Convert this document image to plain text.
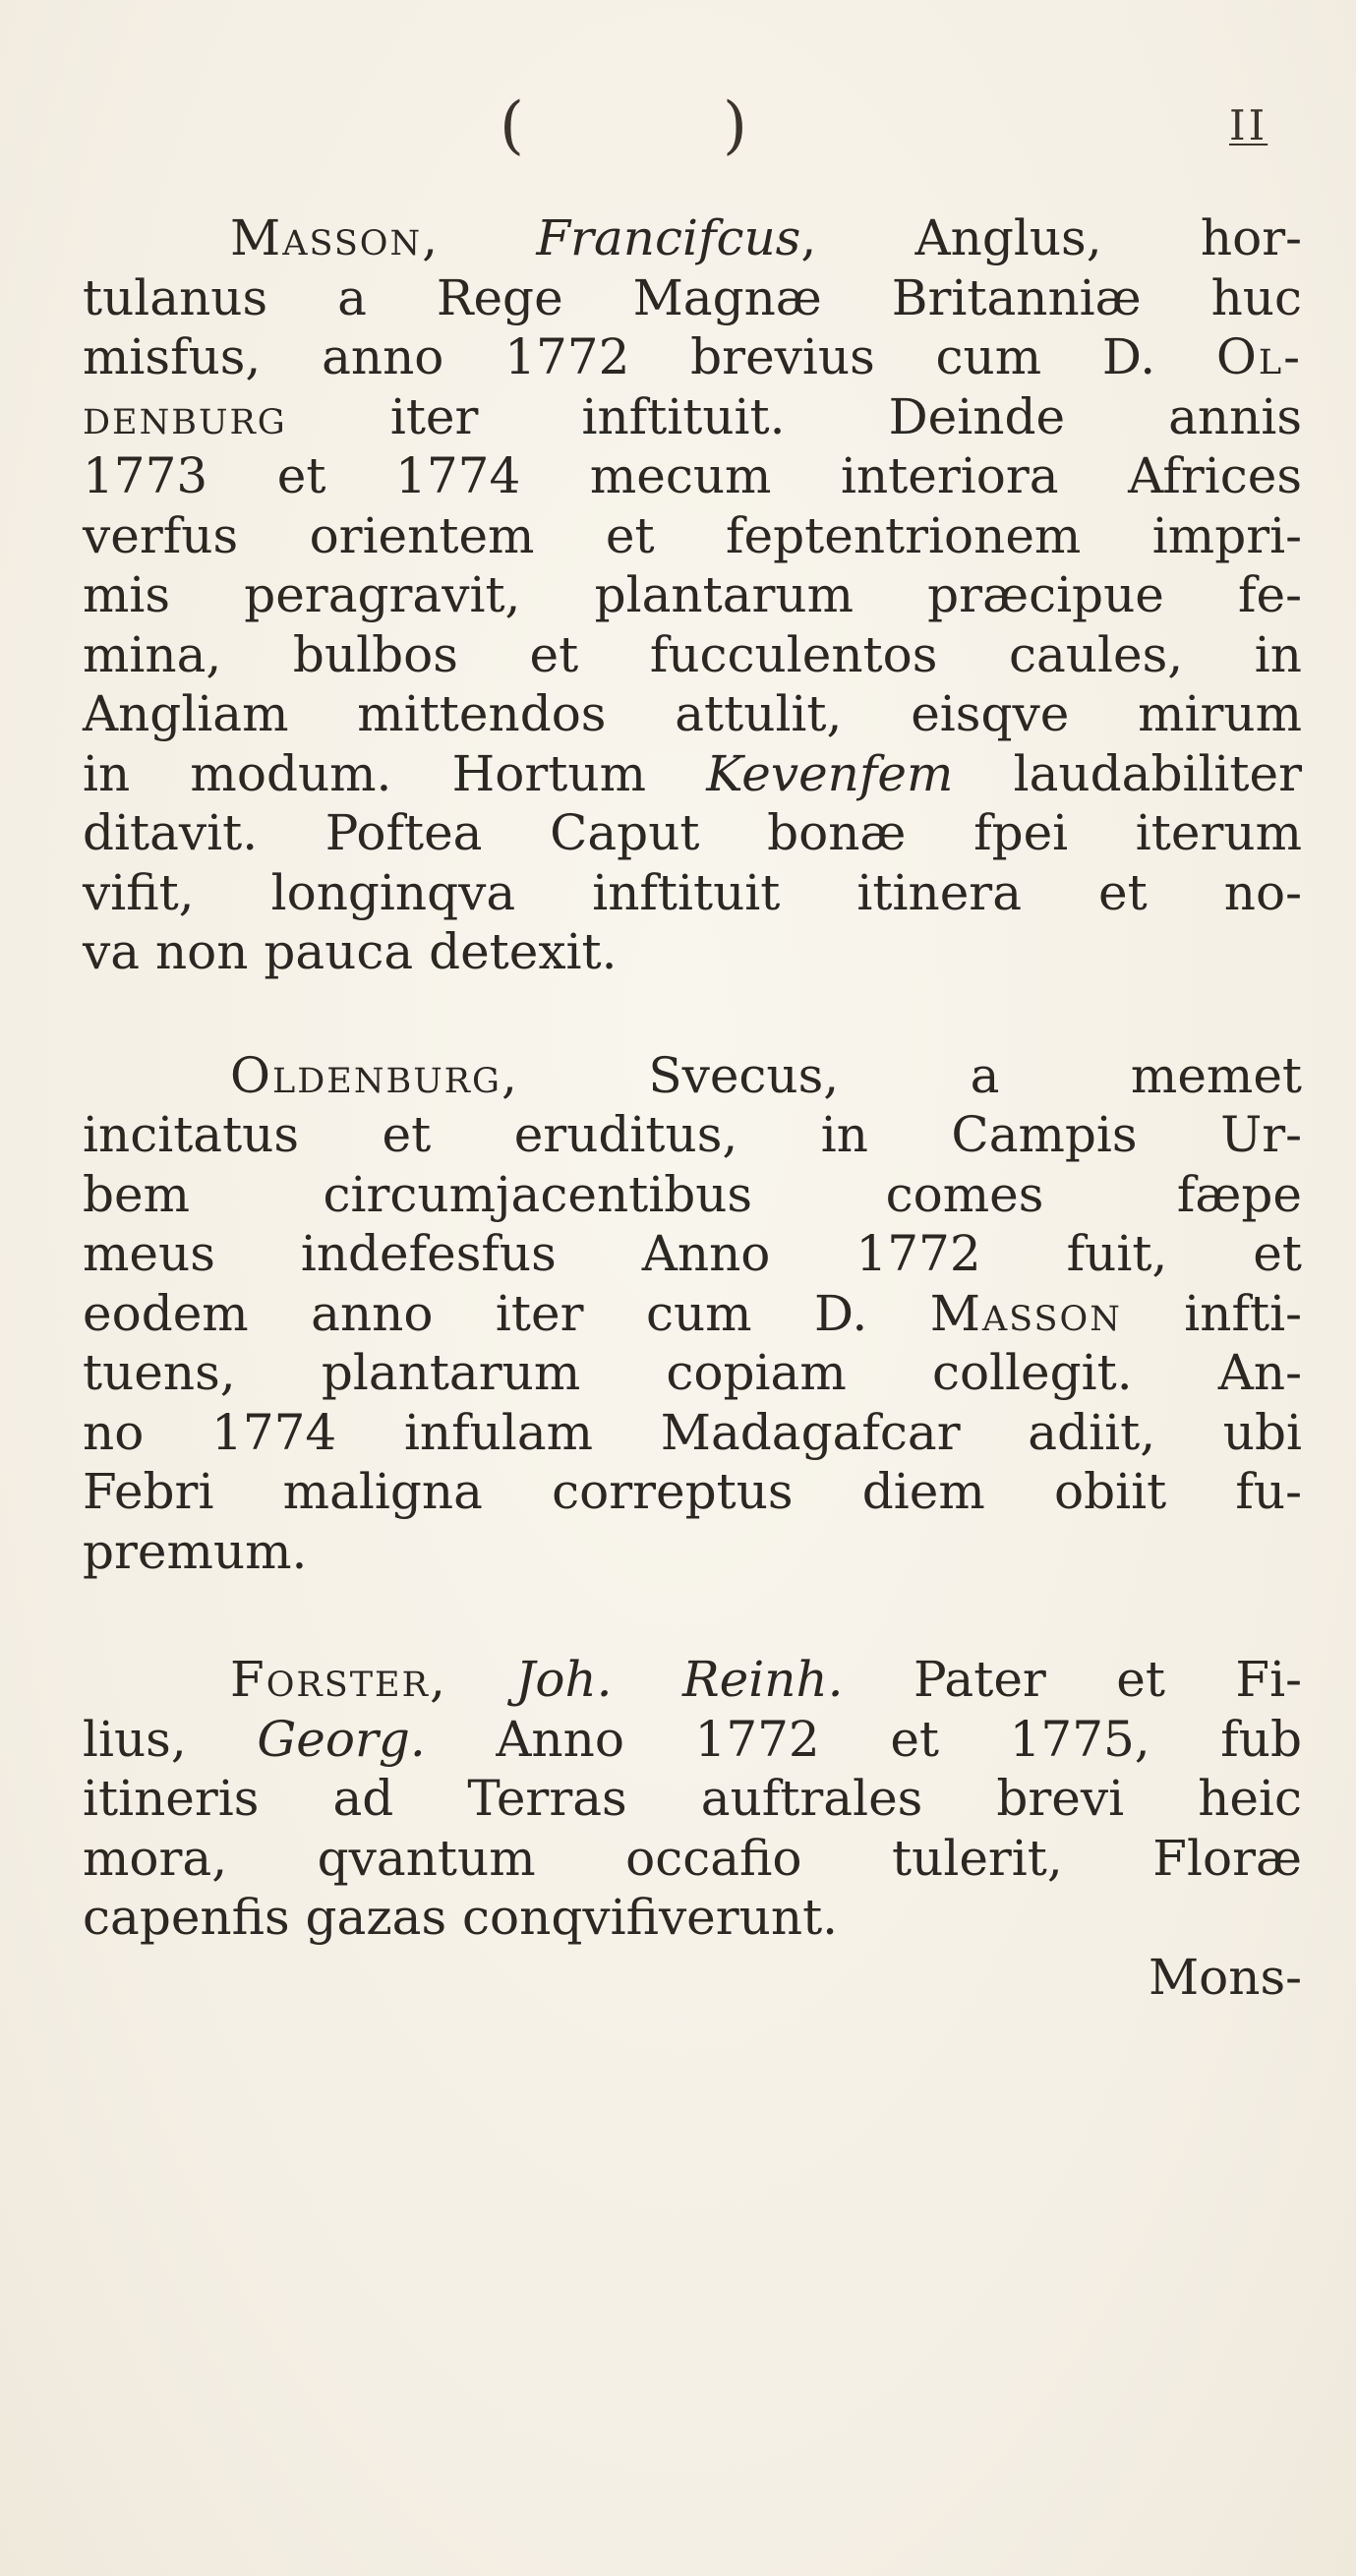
(	)	II
Masson, Francifcus, Anglus, hor-
tulanus a Rege Magnæ Britanniæ huc
misfus, anno 1772 brevius cum D. Ol-
denburg iter inftituit. Deinde annis
1773 et 1774 mecum interiora Africes
verfus orientem et feptentrionem impri-
mis peragravit, plantarum præcipue fe-
mina, bulbos et fucculentos caules, in
Angliam mittendos attulit, eisqve mirum
in modum. Hortum Kevenfem laudabiliter
ditavit. Poftea Caput bonæ fpei iterum
vifit, longinqva inftituit itinera et no-
va non pauca detexit.
Oldenburg, Svecus, a memet
incitatus et eruditus, in Campis Ur-
bem circumjacentibus comes fæpe
meus indefesfus Anno 1772 fuit, et
eodem anno iter cum D. Masson infti-
tuens, plantarum copiam collegit. An-
no 1774 infulam Madagafcar adiit, ubi
Febri maligna correptus diem obiit fu-
premum.
Forster, Joh. Reinh. Pater et Fi-
lius, Georg. Anno 1772 et 1775, fub
itineris ad Terras auftrales brevi heic
mora, qvantum occafio tulerit, Floræ
capenfis gazas conqvifiverunt.
Mons-
